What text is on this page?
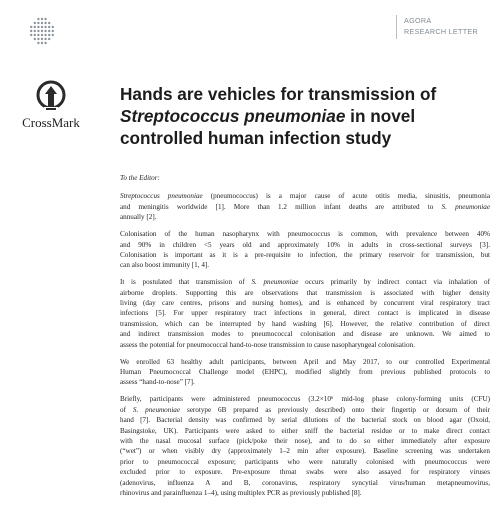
AGORA
RESEARCH LETTER
CrossMark
Hands are vehicles for transmission of
Streptococcus pneumoniae in novel
controlled human infection study

To the Editor:

Streptococcus pneumoniae (pneumococcus) is a major cause of acute otitis media, sinusitis, pneumonia
and meningitis worldwide [1]. More than 1.2 million infant deaths are attributed to S. pneumoniae
annually [2].
Colonisation of the human nasopharynx with pneumococcus is common, with prevalence between 40%
and 90% in children <5 years old and approximately 10% in adults in cross-sectional surveys [3].
Colonisation is important as it is a pre-requisite to infection, the primary reservoir for transmission, but
can also boost immunity [1, 4].
It is postulated that transmission of S. pneumoniae occurs primarily by indirect contact via inhalation of
airborne droplets. Supporting this are observations that transmission is associated with higher density
living (day care centres, prisons and nursing homes), and is enhanced by concurrent viral respiratory tract
infections [5]. For upper respiratory tract infections in general, direct contact is implicated in disease
transmission, which can be interrupted by hand washing [6]. However, the relative contribution of direct
and indirect transmission modes to pneumococcal colonisation and disease are unknown. We aimed to
assess the potential for pneumococcal hand-to-nose transmission to cause nasopharyngeal colonisation.
We enrolled 63 healthy adult participants, between April and May 2017, to our controlled Experimental
Human Pneumococcal Challenge model (EHPC), modified slightly from previous published protocols to
assess “hand-to-nose” [7].
Briefly, participants were administered pneumococcus (3.2×10⁶ mid-log phase colony-forming units (CFU)
of S. pneumoniae serotype 6B prepared as previously described) onto their fingertip or dorsum of their
hand [7]. Bacterial density was confirmed by serial dilutions of the bacterial stock on blood agar (Oxoid,
Basingstoke, UK). Participants were asked to either sniff the bacterial residue or to make direct contact
with the nasal mucosal surface (pick/poke their nose), and to do so either immediately after exposure
(“wet”) or when visibly dry (approximately 1–2 min after exposure). Baseline screening was undertaken
prior to pneumococcal exposure; participants who were naturally colonised with pneumococcus were
excluded prior to exposure. Pre-exposure throat swabs were also assayed for respiratory viruses
(adenovirus, influenza A and B, coronavirus, respiratory syncytial virus/human metapneumovirus,
rhinovirus and parainfluenza 1–4), using multiplex PCR as previously published [8].
